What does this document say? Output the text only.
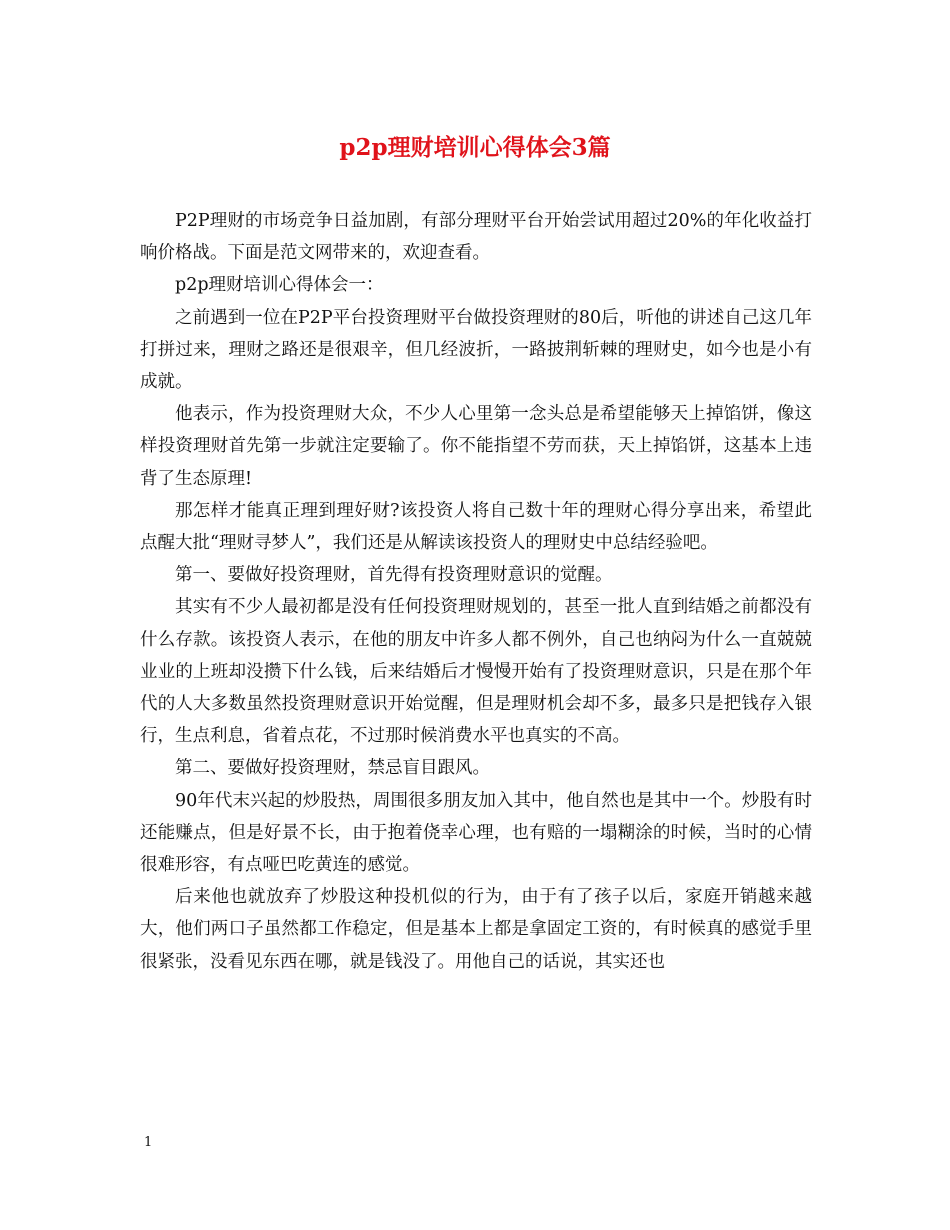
p2p理财培训心得体会3篇

P2P理财的市场竞争日益加剧，有部分理财平台开始尝试用超过20%的年化收益打响价格战。下面是范文网带来的，欢迎查看。

p2p理财培训心得体会一：

之前遇到一位在P2P平台投资理财平台做投资理财的80后，听他的讲述自己这几年打拼过来，理财之路还是很艰辛，但几经波折，一路披荆斩棘的理财史，如今也是小有成就。

他表示，作为投资理财大众，不少人心里第一念头总是希望能够天上掉馅饼，像这样投资理财首先第一步就注定要输了。你不能指望不劳而获，天上掉馅饼，这基本上违背了生态原理!

那怎样才能真正理到理好财?该投资人将自己数十年的理财心得分享出来，希望此点醒大批“理财寻梦人”，我们还是从解读该投资人的理财史中总结经验吧。

第一、要做好投资理财，首先得有投资理财意识的觉醒。

其实有不少人最初都是没有任何投资理财规划的，甚至一批人直到结婚之前都没有什么存款。该投资人表示，在他的朋友中许多人都不例外，自己也纳闷为什么一直兢兢业业的上班却没攒下什么钱，后来结婚后才慢慢开始有了投资理财意识，只是在那个年代的人大多数虽然投资理财意识开始觉醒，但是理财机会却不多，最多只是把钱存入银行，生点利息，省着点花，不过那时候消费水平也真实的不高。

第二、要做好投资理财，禁忌盲目跟风。

90年代末兴起的炒股热，周围很多朋友加入其中，他自然也是其中一个。炒股有时还能赚点，但是好景不长，由于抱着侥幸心理，也有赔的一塌糊涂的时候，当时的心情很难形容，有点哑巴吃黄连的感觉。

后来他也就放弃了炒股这种投机似的行为，由于有了孩子以后，家庭开销越来越大，他们两口子虽然都工作稳定，但是基本上都是拿固定工资的，有时候真的感觉手里很紧张，没看见东西在哪，就是钱没了。用他自己的话说，其实还也

1
